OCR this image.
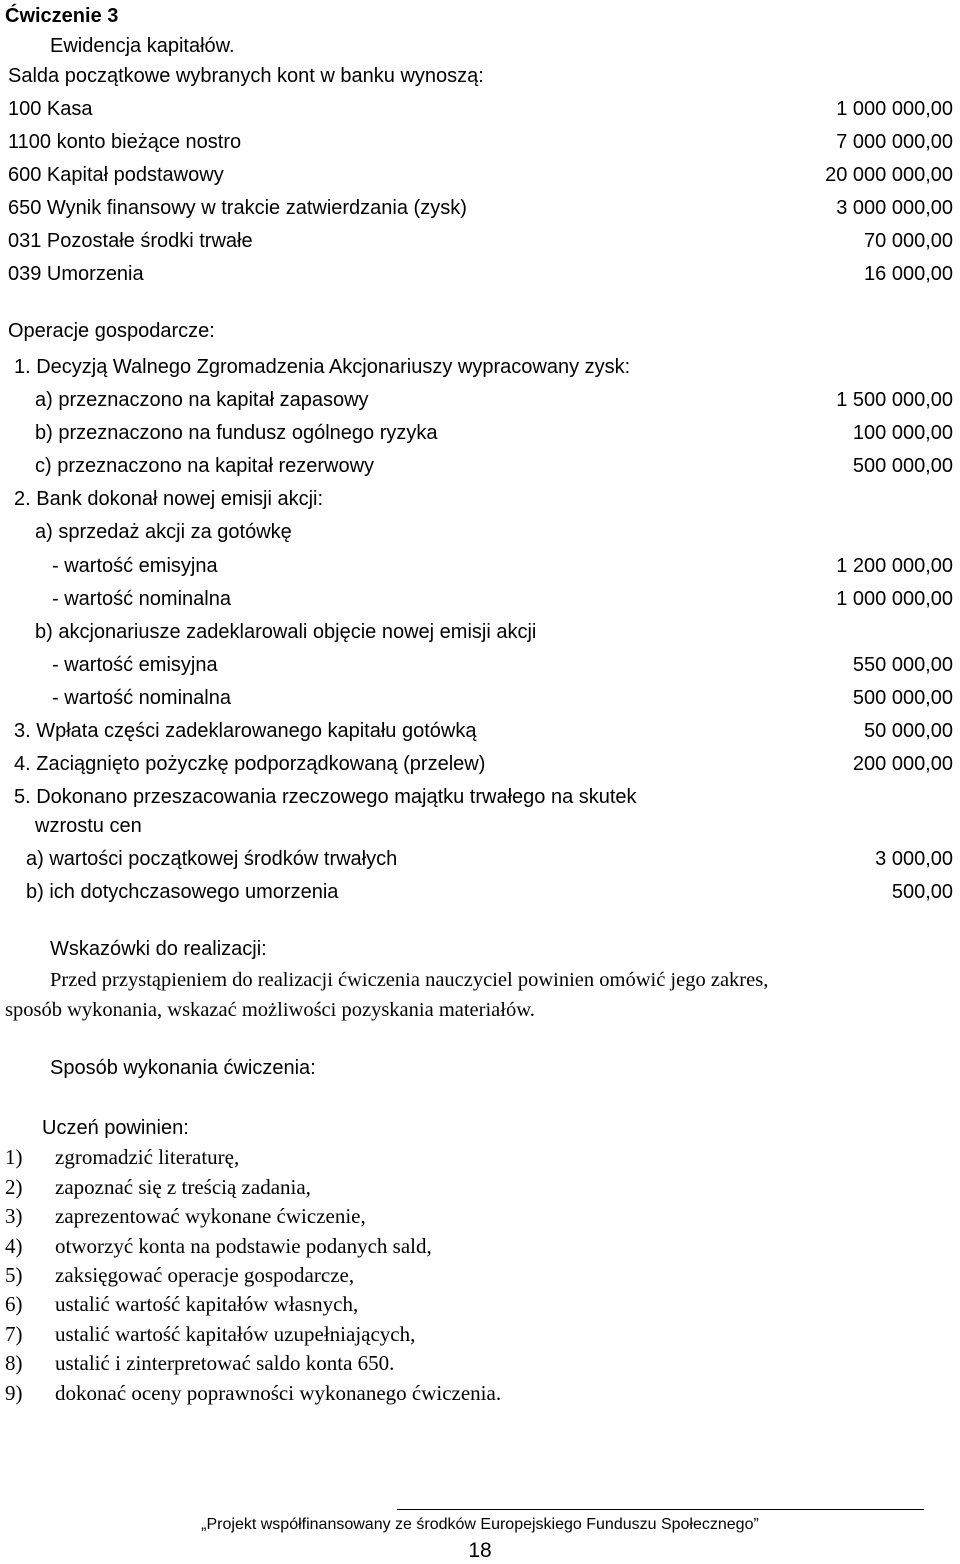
Ćwiczenie 3
Ewidencja kapitałów.
Salda początkowe wybranych kont w banku wynoszą:
100 Kasa	1 000 000,00
1100 konto bieżące nostro	7 000 000,00
600 Kapitał podstawowy	20 000 000,00
650 Wynik finansowy w trakcie zatwierdzania (zysk)	3 000 000,00
031 Pozostałe środki trwałe	70 000,00
039 Umorzenia	16 000,00
Operacje gospodarcze:
1. Decyzją Walnego Zgromadzenia Akcjonariuszy wypracowany zysk:
a) przeznaczono na kapitał zapasowy	1 500 000,00
b) przeznaczono na fundusz ogólnego ryzyka	100 000,00
c) przeznaczono na kapitał rezerwowy	500 000,00
2. Bank dokonał nowej emisji akcji:
a) sprzedaż akcji za gotówkę
- wartość emisyjna	1 200 000,00
- wartość nominalna	1 000 000,00
b) akcjonariusze zadeklarowali objęcie nowej emisji akcji
- wartość emisyjna	550 000,00
- wartość nominalna	500 000,00
3. Wpłata części zadeklarowanego kapitału gotówką	50 000,00
4. Zaciągnięto pożyczkę podporządkowaną (przelew)	200 000,00
5. Dokonano przeszacowania rzeczowego majątku trwałego na skutek
wzrostu cen
a) wartości początkowej środków trwałych	3 000,00
b) ich dotychczasowego umorzenia	500,00
Wskazówki do realizacji:
Przed przystąpieniem do realizacji ćwiczenia nauczyciel powinien omówić jego zakres,
sposób wykonania, wskazać możliwości pozyskania materiałów.
Sposób wykonania ćwiczenia:
Uczeń powinien:
1) zgromadzić literaturę,
2) zapoznać się z treścią zadania,
3) zaprezentować wykonane ćwiczenie,
4) otworzyć konta na podstawie podanych sald,
5) zaksięgować operacje gospodarcze,
6) ustalić wartość kapitałów własnych,
7) ustalić wartość kapitałów uzupełniających,
8) ustalić i zinterpretować saldo konta 650.
9) dokonać oceny poprawności wykonanego ćwiczenia.
„Projekt współfinansowany ze środków Europejskiego Funduszu Społecznego”
18
